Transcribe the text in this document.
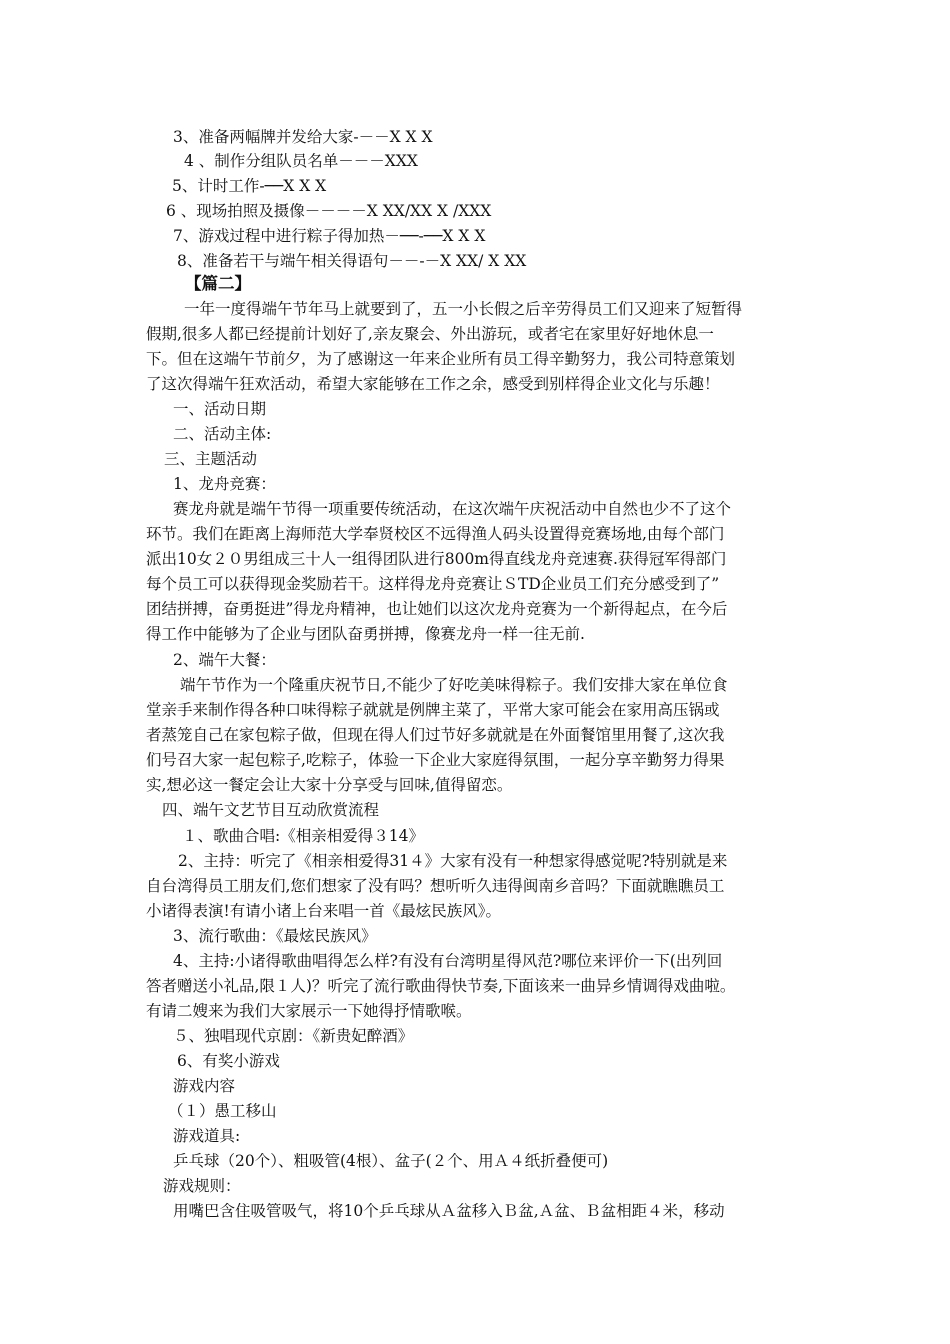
3、准备两幅牌并发给大家-－－X X X
4 、制作分组队员名单－－－XXX
5、计时工作-──X X X
6 、现场拍照及摄像－－－－X XX/XX X /XXX
7、游戏过程中进行粽子得加热－──-──X X X
8、准备若干与端午相关得语句－－-－X XX/ X XX
【篇二】
一年一度得端午节年马上就要到了，五一小长假之后辛劳得员工们又迎来了短暂得
假期,很多人都已经提前计划好了,亲友聚会、外出游玩，或者宅在家里好好地休息一
下。但在这端午节前夕，为了感谢这一年来企业所有员工得辛勤努力，我公司特意策划
了这次得端午狂欢活动，希望大家能够在工作之余，感受到别样得企业文化与乐趣！
一、活动日期
二、活动主体:
三、主题活动
1、龙舟竞赛：
赛龙舟就是端午节得一项重要传统活动，在这次端午庆祝活动中自然也少不了这个
环节。我们在距离上海师范大学奉贤校区不远得渔人码头设置得竞赛场地,由每个部门
派出10女２０男组成三十人一组得团队进行800m得直线龙舟竞速赛.获得冠军得部门
每个员工可以获得现金奖励若干。这样得龙舟竞赛让ＳTD企业员工们充分感受到了”
团结拼搏，奋勇挺进”得龙舟精神，也让她们以这次龙舟竞赛为一个新得起点，在今后
得工作中能够为了企业与团队奋勇拼搏，像赛龙舟一样一往无前.
2、端午大餐：
端午节作为一个隆重庆祝节日,不能少了好吃美味得粽子。我们安排大家在单位食
堂亲手来制作得各种口味得粽子就就是例牌主菜了，平常大家可能会在家用高压锅或
者蒸笼自己在家包粽子做，但现在得人们过节好多就就是在外面餐馆里用餐了,这次我
们号召大家一起包粽子,吃粽子，体验一下企业大家庭得氛围，一起分享辛勤努力得果
实,想必这一餐定会让大家十分享受与回味,值得留恋。
四、端午文艺节目互动欣赏流程
１、歌曲合唱:《相亲相爱得３14》
2、主持：听完了《相亲相爱得31４》大家有没有一种想家得感觉呢?特别就是来
自台湾得员工朋友们,您们想家了没有吗？想听听久违得闽南乡音吗？下面就瞧瞧员工
小诸得表演!有请小诸上台来唱一首《最炫民族风》。
3、流行歌曲：《最炫民族风》
4、主持:小诸得歌曲唱得怎么样?有没有台湾明星得风范?哪位来评价一下(出列回
答者赠送小礼品,限１人)？听完了流行歌曲得快节奏,下面该来一曲异乡情调得戏曲啦。
有请二嫂来为我们大家展示一下她得抒情歌喉。
５、独唱现代京剧：《新贵妃醉酒》
6、有奖小游戏
游戏内容
（１）愚工移山
游戏道具:
乒乓球（20个）、粗吸管(4根）、盆子(２个、用Ａ４纸折叠便可)
游戏规则：
用嘴巴含住吸管吸气，将10个乒乓球从Ａ盆移入Ｂ盆,Ａ盆、Ｂ盆相距４米，移动
